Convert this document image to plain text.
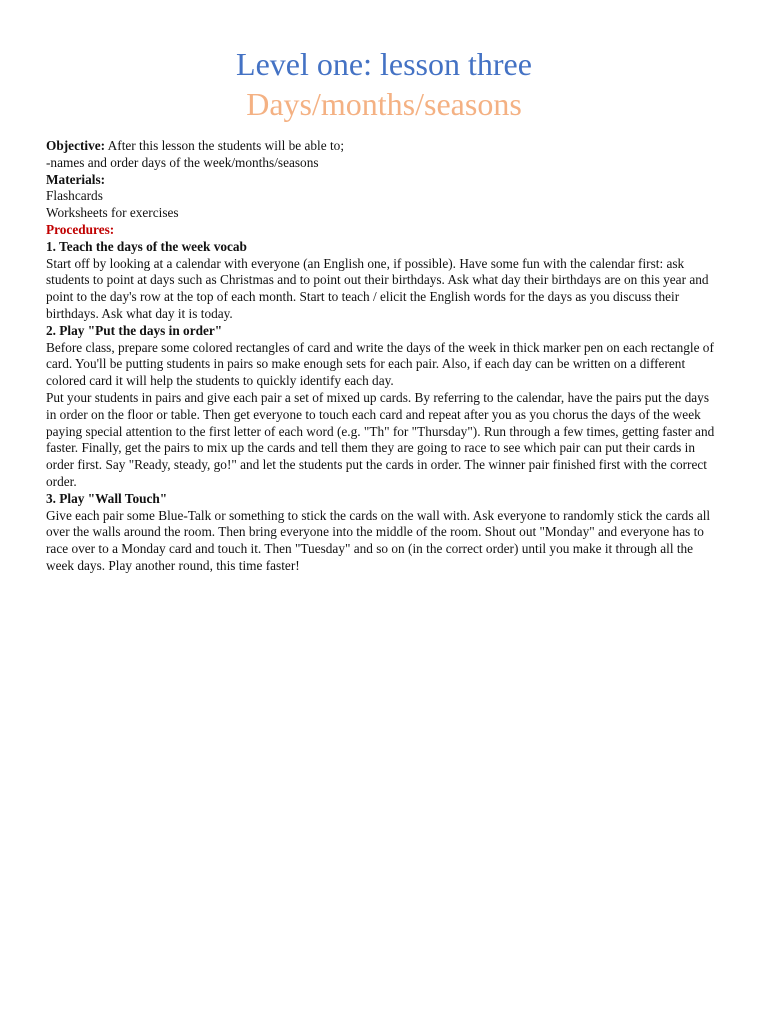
Level one: lesson three
Days/months/seasons
Objective: After this lesson the students will be able to;
-names and order days of the week/months/seasons
Materials:
Flashcards
Worksheets for exercises
Procedures:
1. Teach the days of the week vocab
Start off by looking at a calendar with everyone (an English one, if possible). Have some fun with the calendar first: ask students to point at days such as Christmas and to point out their birthdays. Ask what day their birthdays are on this year and point to the day's row at the top of each month. Start to teach / elicit the English words for the days as you discuss their birthdays. Ask what day it is today.
2. Play "Put the days in order"
Before class, prepare some colored rectangles of card and write the days of the week in thick marker pen on each rectangle of card. You'll be putting students in pairs so make enough sets for each pair. Also, if each day can be written on a different colored card it will help the students to quickly identify each day.
Put your students in pairs and give each pair a set of mixed up cards. By referring to the calendar, have the pairs put the days in order on the floor or table. Then get everyone to touch each card and repeat after you as you chorus the days of the week paying special attention to the first letter of each word (e.g. "Th" for "Thursday"). Run through a few times, getting faster and faster. Finally, get the pairs to mix up the cards and tell them they are going to race to see which pair can put their cards in order first. Say "Ready, steady, go!" and let the students put the cards in order. The winner pair finished first with the correct order.
3. Play "Wall Touch"
Give each pair some Blue-Talk or something to stick the cards on the wall with. Ask everyone to randomly stick the cards all over the walls around the room. Then bring everyone into the middle of the room. Shout out "Monday" and everyone has to race over to a Monday card and touch it. Then "Tuesday" and so on (in the correct order) until you make it through all the week days. Play another round, this time faster!
